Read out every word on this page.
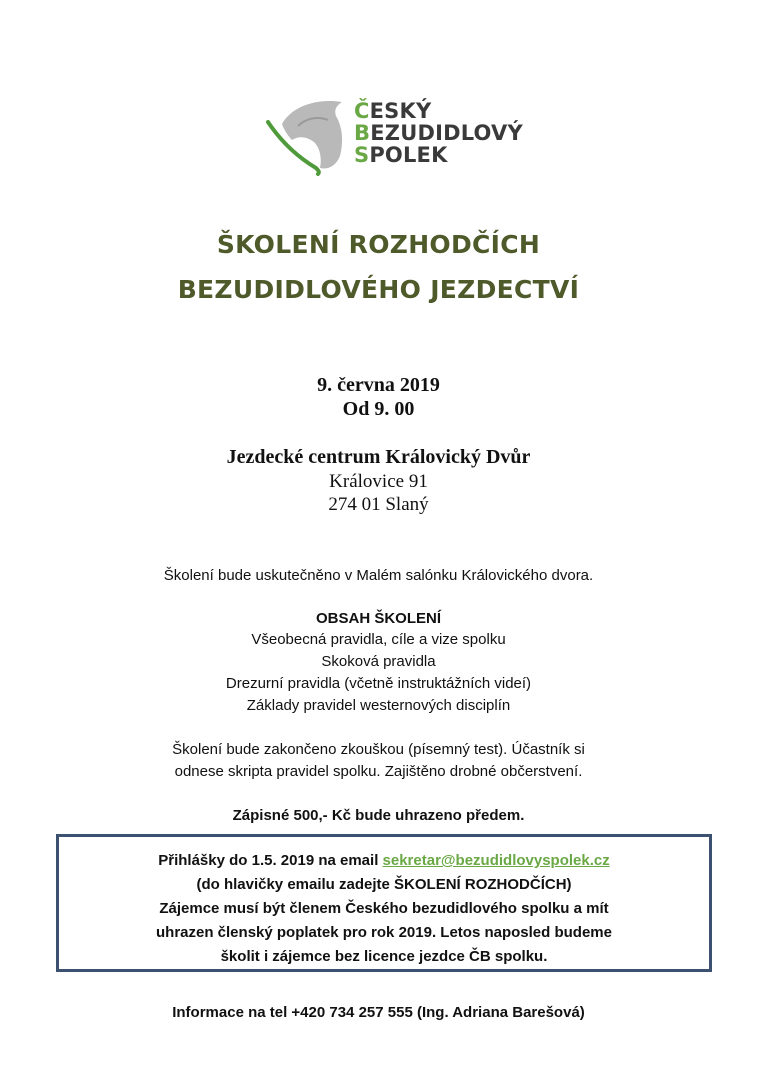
ČESKÝ
BEZUDIDLOVÝ
SPOLEK
ŠKOLENÍ ROZHODČÍCH
BEZUDIDLOVÉHO JEZDECTVÍ
9. června 2019
Od 9. 00
Jezdecké centrum Královický Dvůr
Královice 91
274 01 Slaný
Školení bude uskutečněno v Malém salónku Královického dvora.
OBSAH ŠKOLENÍ
Všeobecná pravidla, cíle a vize spolku
Skoková pravidla
Drezurní pravidla (včetně instruktážních videí)
Základy pravidel westernových disciplín
Školení bude zakončeno zkouškou (písemný test). Účastník si
odnese skripta pravidel spolku. Zajištěno drobné občerstvení.
Zápisné 500,- Kč bude uhrazeno předem.
Přihlášky do 1.5. 2019 na email sekretar@bezudidlovyspolek.cz
(do hlavičky emailu zadejte ŠKOLENÍ ROZHODČÍCH)
Zájemce musí být členem Českého bezudidlového spolku a mít
uhrazen členský poplatek pro rok 2019. Letos naposled budeme
školit i zájemce bez licence jezdce ČB spolku.
Informace na tel +420 734 257 555 (Ing. Adriana Barešová)
